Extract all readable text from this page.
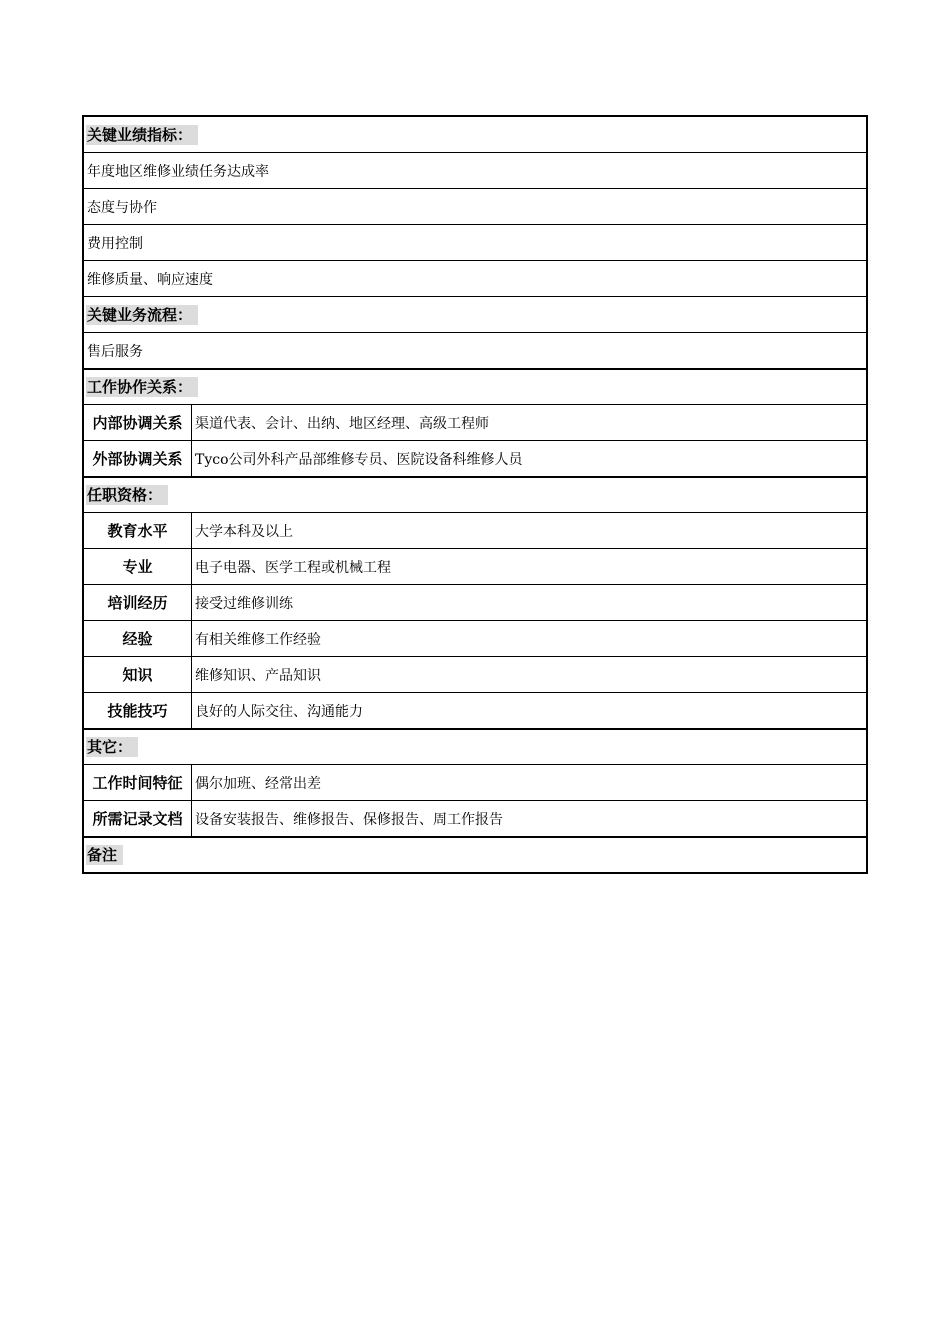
关键业绩指标：
年度地区维修业绩任务达成率
态度与协作
费用控制
维修质量、响应速度
关键业务流程：
售后服务
工作协作关系：
内部协调关系 渠道代表、会计、出纳、地区经理、高级工程师
外部协调关系 Tyco公司外科产品部维修专员、医院设备科维修人员
任职资格：
教育水平	大学本科及以上
专业	电子电器、医学工程或机械工程
培训经历	接受过维修训练
经验	有相关维修工作经验
知识	维修知识、产品知识
技能技巧	良好的人际交往、沟通能力
其它：
工作时间特征 偶尔加班、经常出差
所需记录文档 设备安装报告、维修报告、保修报告、周工作报告
备注
